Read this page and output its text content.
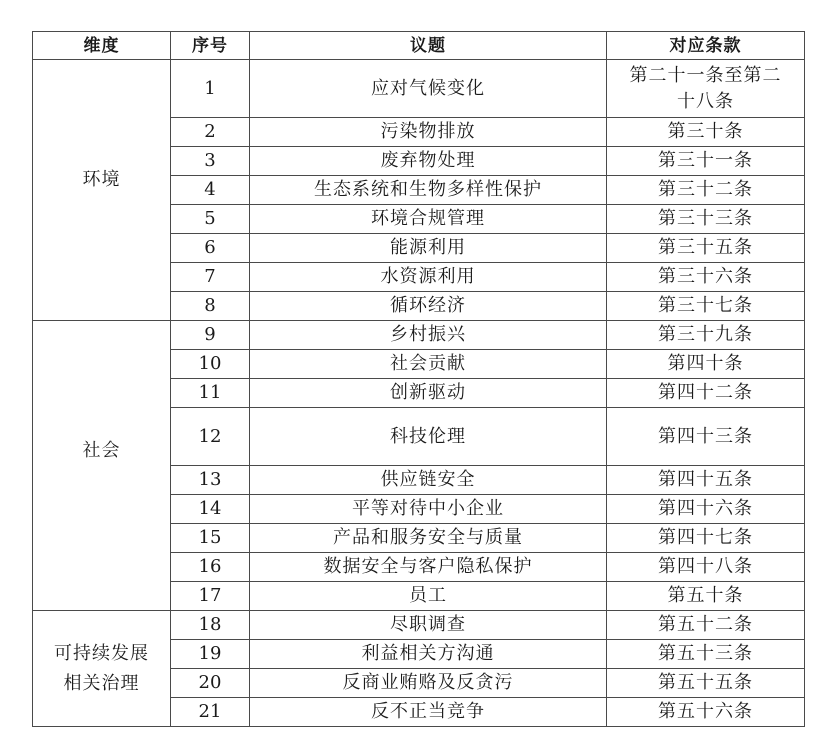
维度	序号	议题	对应条款

环境	1	应对气候变化	第二十一条至第二
十八条

	2	污染物排放	第三十条

	3	废弃物处理	第三十一条

	4	生态系统和生物多样性保护	第三十二条

	5	环境合规管理	第三十三条

	6	能源利用	第三十五条

	7	水资源利用	第三十六条

	8	循环经济	第三十七条

社会	9	乡村振兴	第三十九条

	10	社会贡献	第四十条

	11	创新驱动	第四十二条

	12	科技伦理	第四十三条

	13	供应链安全	第四十五条

	14	平等对待中小企业	第四十六条

	15	产品和服务安全与质量	第四十七条

	16	数据安全与客户隐私保护	第四十八条

	17	员工	第五十条

可持续发展
相关治理	18	尽职调查	第五十二条

	19	利益相关方沟通	第五十三条

	20	反商业贿赂及反贪污	第五十五条

	21	反不正当竞争	第五十六条
